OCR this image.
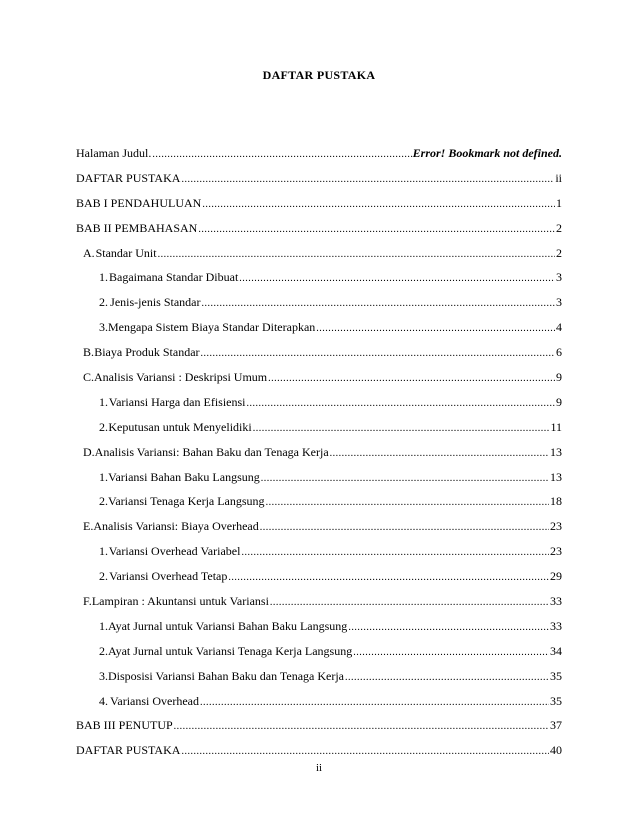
DAFTAR PUSTAKA
Halaman Judul. .....	Error! Bookmark not defined.
DAFTAR PUSTAKA .....	ii
BAB I PENDAHULUAN .....	1
BAB II PEMBAHASAN .....	2
A. Standar Unit .....	2
1. Bagaimana Standar Dibuat .....	3
2. Jenis-jenis Standar .....	3
3. Mengapa Sistem Biaya Standar Diterapkan .....	4
B. Biaya Produk Standar .....	6
C. Analisis Variansi : Deskripsi Umum .....	9
1. Variansi Harga dan Efisiensi .....	9
2. Keputusan untuk Menyelidiki .....	11
D. Analisis Variansi: Bahan Baku dan Tenaga Kerja .....	13
1. Variansi Bahan Baku Langsung .....	13
2. Variansi Tenaga Kerja Langsung .....	18
E. Analisis Variansi: Biaya Overhead .....	23
1. Variansi Overhead Variabel .....	23
2. Variansi Overhead Tetap .....	29
F. Lampiran : Akuntansi untuk Variansi .....	33
1. Ayat Jurnal untuk Variansi Bahan Baku Langsung .....	33
2. Ayat Jurnal untuk Variansi Tenaga Kerja Langsung .....	34
3. Disposisi Variansi Bahan Baku dan Tenaga Kerja .....	35
4. Variansi Overhead .....	35
BAB III PENUTUP .....	37
DAFTAR PUSTAKA .....	40
ii
